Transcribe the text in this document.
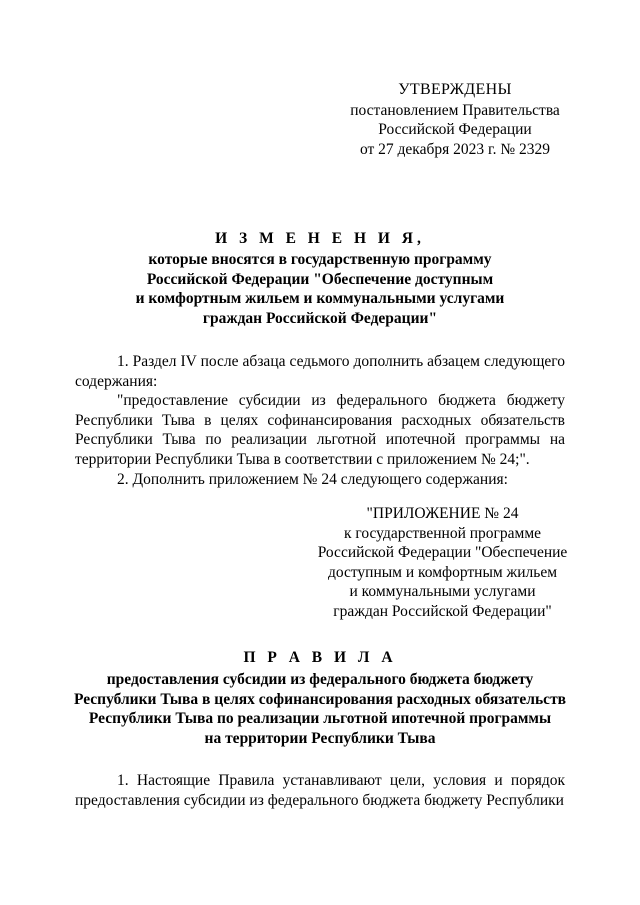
УТВЕРЖДЕНЫ
постановлением Правительства
Российской Федерации
от 27 декабря 2023 г. № 2329
И З М Е Н Е Н И Я,
которые вносятся в государственную программу
Российской Федерации "Обеспечение доступным
и комфортным жильем и коммунальными услугами
граждан Российской Федерации"
1. Раздел IV после абзаца седьмого дополнить абзацем следующего содержания:
"предоставление субсидии из федерального бюджета бюджету Республики Тыва в целях софинансирования расходных обязательств Республики Тыва по реализации льготной ипотечной программы на территории Республики Тыва в соответствии с приложением № 24;".
2. Дополнить приложением № 24 следующего содержания:
"ПРИЛОЖЕНИЕ № 24
к государственной программе
Российской Федерации "Обеспечение
доступным и комфортным жильем
и коммунальными услугами
граждан Российской Федерации"
П Р А В И Л А
предоставления субсидии из федерального бюджета бюджету
Республики Тыва в целях софинансирования расходных обязательств
Республики Тыва по реализации льготной ипотечной программы
на территории Республики Тыва
1. Настоящие Правила устанавливают цели, условия и порядок предоставления субсидии из федерального бюджета бюджету Республики
